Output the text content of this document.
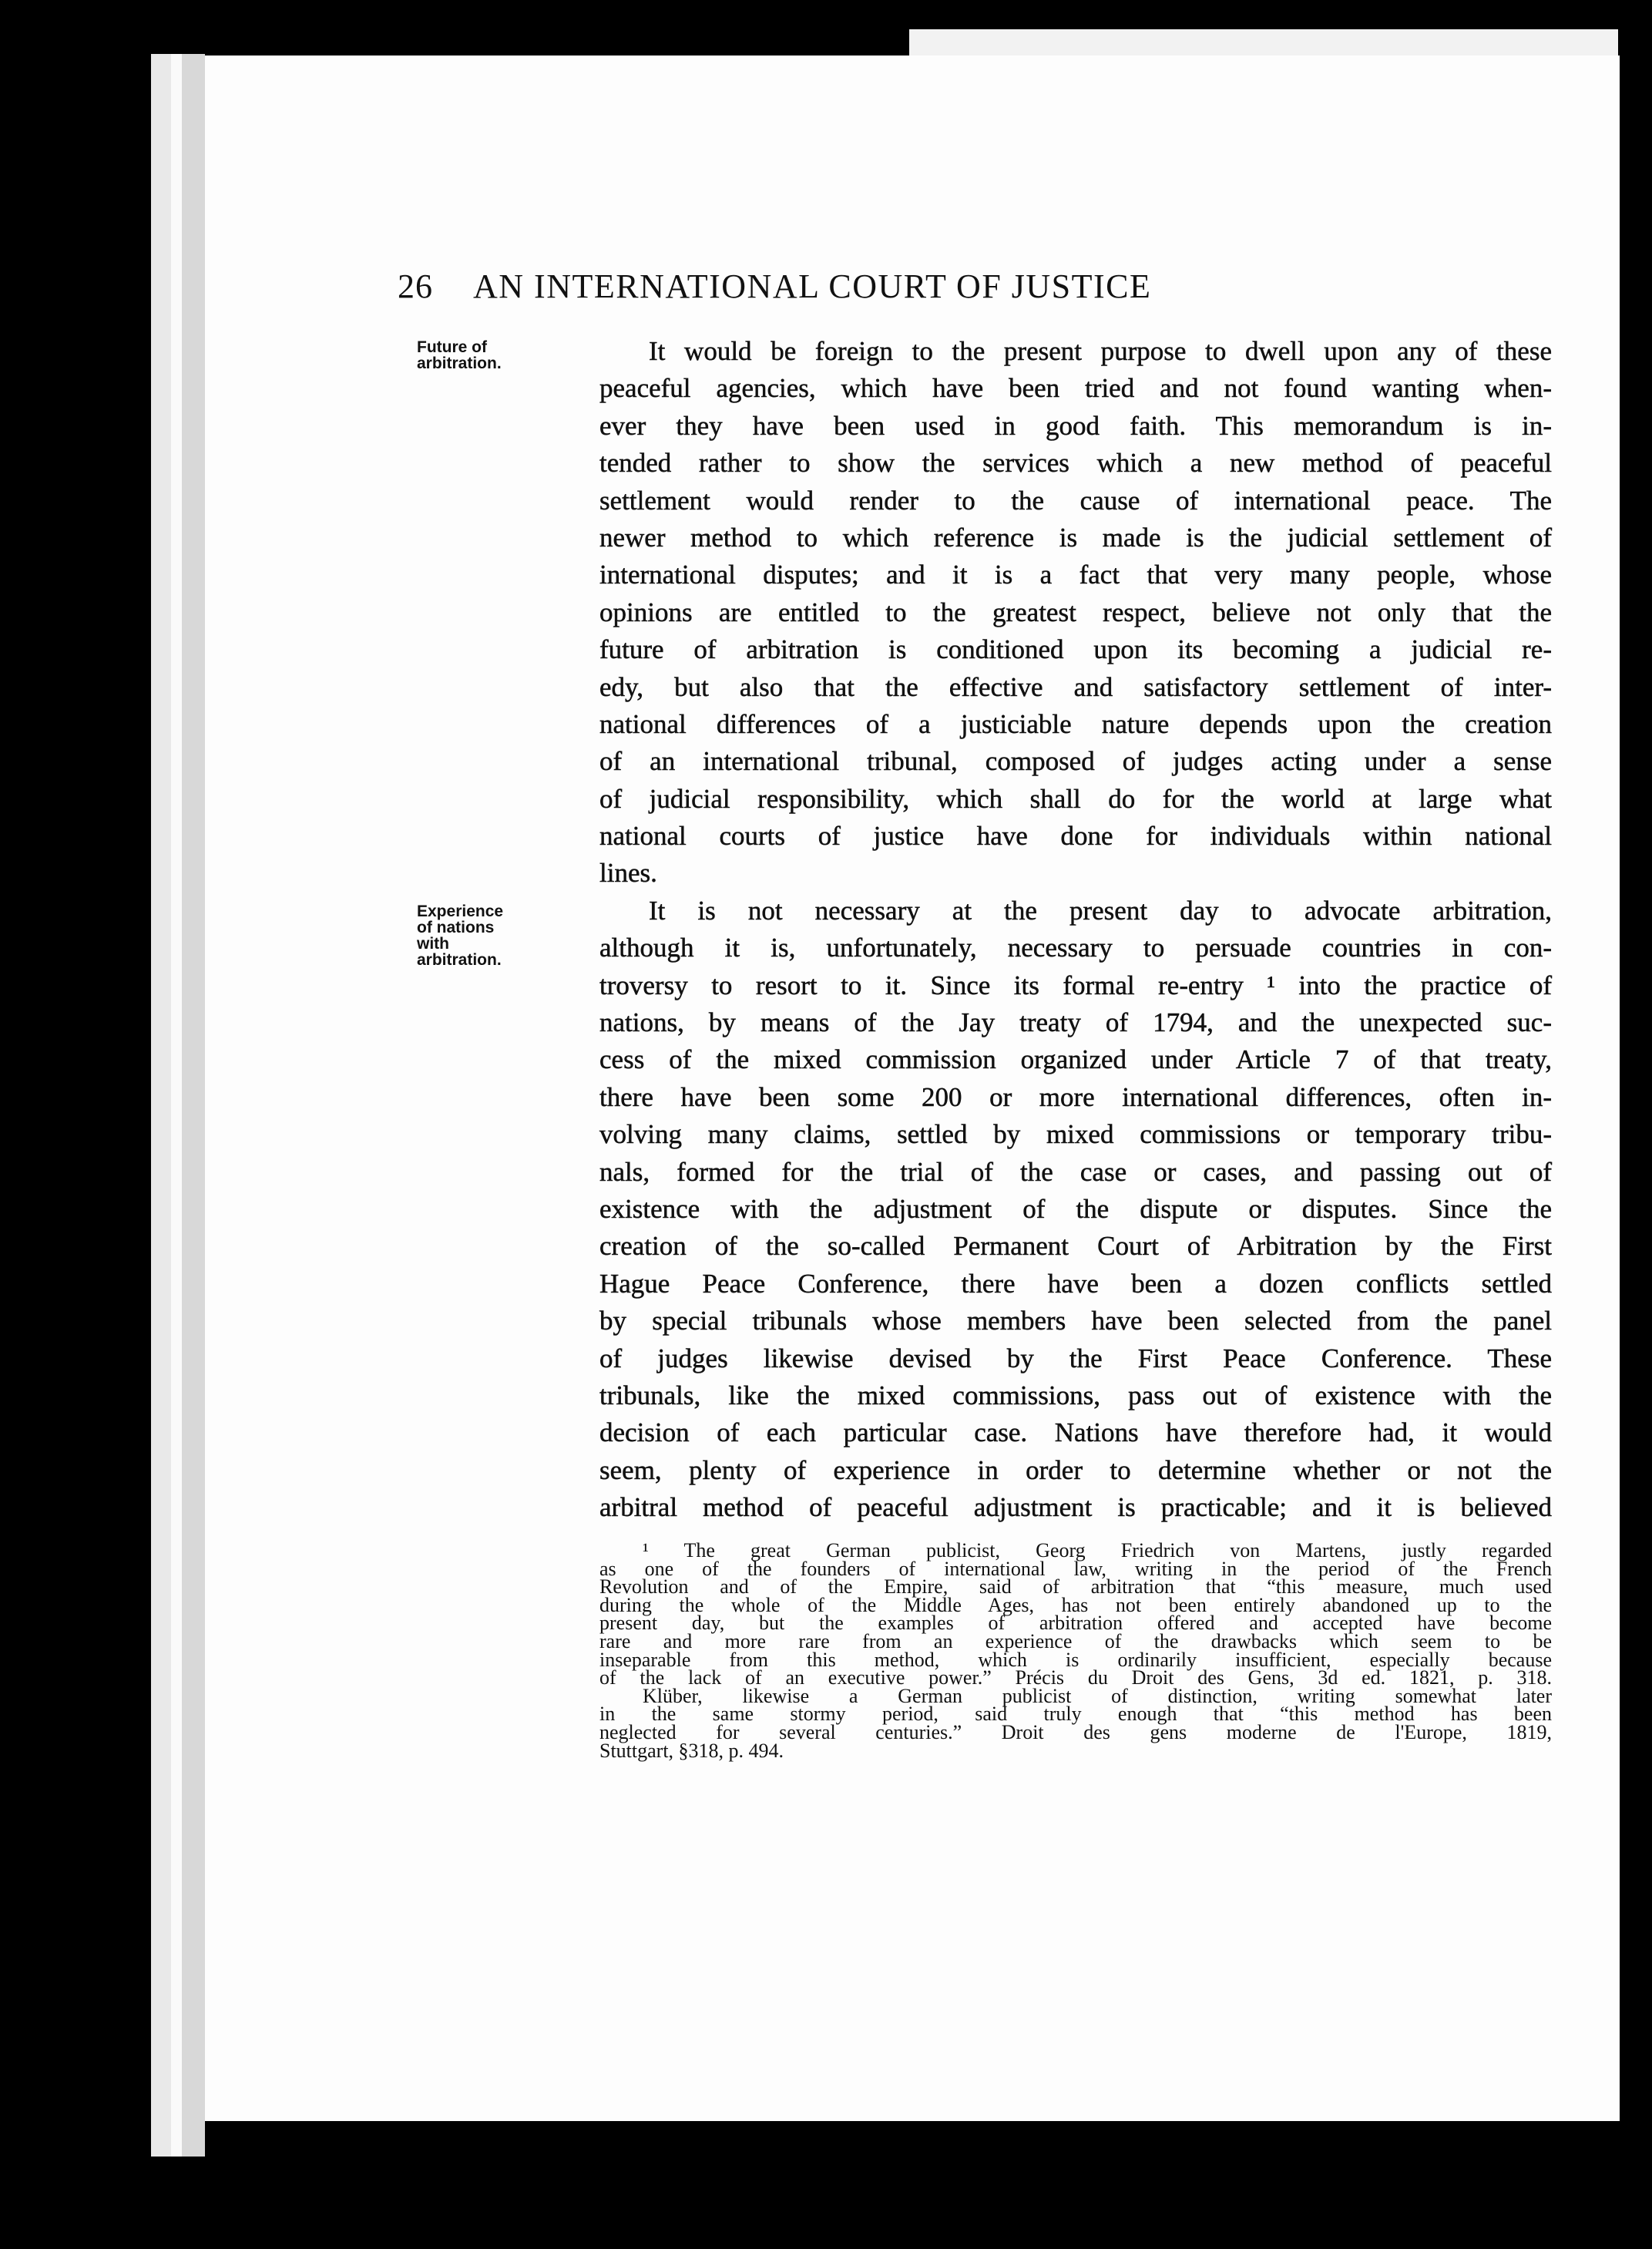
26 AN INTERNATIONAL COURT OF JUSTICE
Future of
arbitration.
Experience
of nations
with
arbitration.
It would be foreign to the present purpose to dwell upon any of these
peaceful agencies, which have been tried and not found wanting when-
ever they have been used in good faith. This memorandum is in-
tended rather to show the services which a new method of peaceful
settlement would render to the cause of international peace. The
newer method to which reference is made is the judicial settlement of
international disputes; and it is a fact that very many people, whose
opinions are entitled to the greatest respect, believe not only that the
future of arbitration is conditioned upon its becoming a judicial re-
edy, but also that the effective and satisfactory settlement of inter-
national differences of a justiciable nature depends upon the creation
of an international tribunal, composed of judges acting under a sense
of judicial responsibility, which shall do for the world at large what
national courts of justice have done for individuals within national
lines.
It is not necessary at the present day to advocate arbitration,
although it is, unfortunately, necessary to persuade countries in con-
troversy to resort to it. Since its formal re-entry ¹ into the practice of
nations, by means of the Jay treaty of 1794, and the unexpected suc-
cess of the mixed commission organized under Article 7 of that treaty,
there have been some 200 or more international differences, often in-
volving many claims, settled by mixed commissions or temporary tribu-
nals, formed for the trial of the case or cases, and passing out of
existence with the adjustment of the dispute or disputes. Since the
creation of the so-called Permanent Court of Arbitration by the First
Hague Peace Conference, there have been a dozen conflicts settled
by special tribunals whose members have been selected from the panel
of judges likewise devised by the First Peace Conference. These
tribunals, like the mixed commissions, pass out of existence with the
decision of each particular case. Nations have therefore had, it would
seem, plenty of experience in order to determine whether or not the
arbitral method of peaceful adjustment is practicable; and it is believed
¹ The great German publicist, Georg Friedrich von Martens, justly regarded
as one of the founders of international law, writing in the period of the French
Revolution and of the Empire, said of arbitration that “this measure, much used
during the whole of the Middle Ages, has not been entirely abandoned up to the
present day, but the examples of arbitration offered and accepted have become
rare and more rare from an experience of the drawbacks which seem to be
inseparable from this method, which is ordinarily insufficient, especially because
of the lack of an executive power.” Précis du Droit des Gens, 3d ed. 1821, p. 318.
Klüber, likewise a German publicist of distinction, writing somewhat later
in the same stormy period, said truly enough that “this method has been
neglected for several centuries.” Droit des gens moderne de l'Europe, 1819,
Stuttgart, §318, p. 494.
